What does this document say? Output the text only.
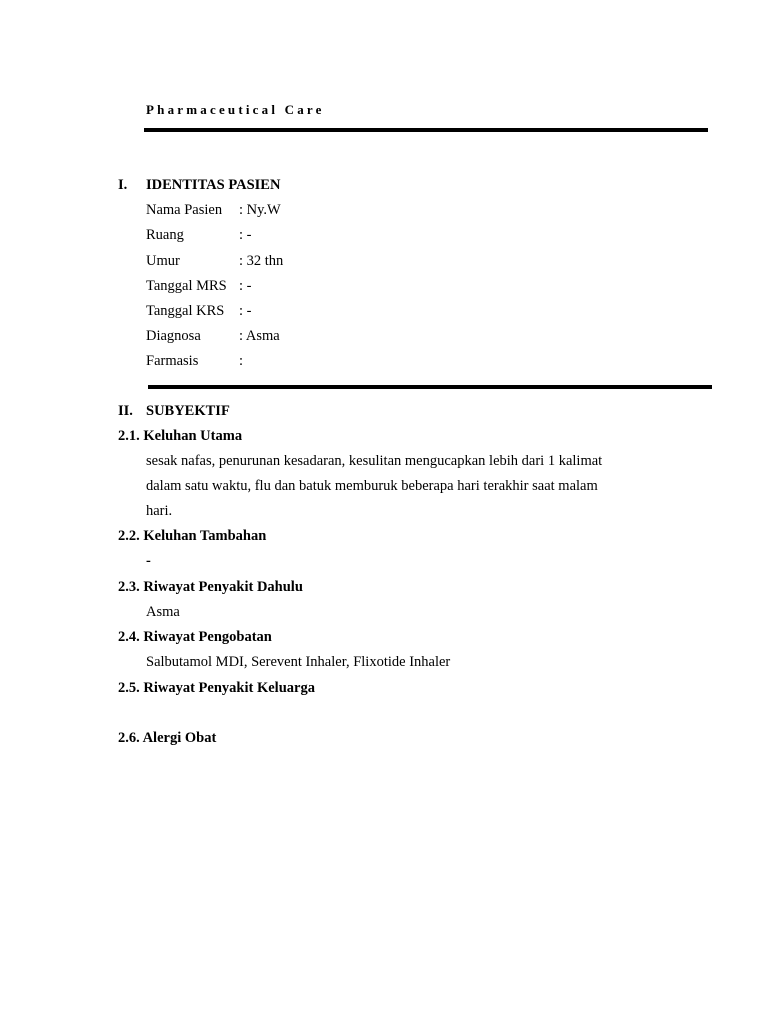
Pharmaceutical Care
I. IDENTITAS PASIEN
Nama Pasien : Ny.W
Ruang	: -
Umur	: 32 thn
Tanggal MRS : -
Tanggal KRS : -
Diagnosa	: Asma
Farmasis	:
II. SUBYEKTIF
2.1. Keluhan Utama
sesak nafas, penurunan kesadaran, kesulitan mengucapkan lebih dari 1 kalimat
dalam satu waktu, flu dan batuk memburuk beberapa hari terakhir saat malam
hari.
2.2. Keluhan Tambahan
-
2.3. Riwayat Penyakit Dahulu
Asma
2.4. Riwayat Pengobatan
Salbutamol MDI, Serevent Inhaler, Flixotide Inhaler
2.5. Riwayat Penyakit Keluarga
2.6. Alergi Obat
